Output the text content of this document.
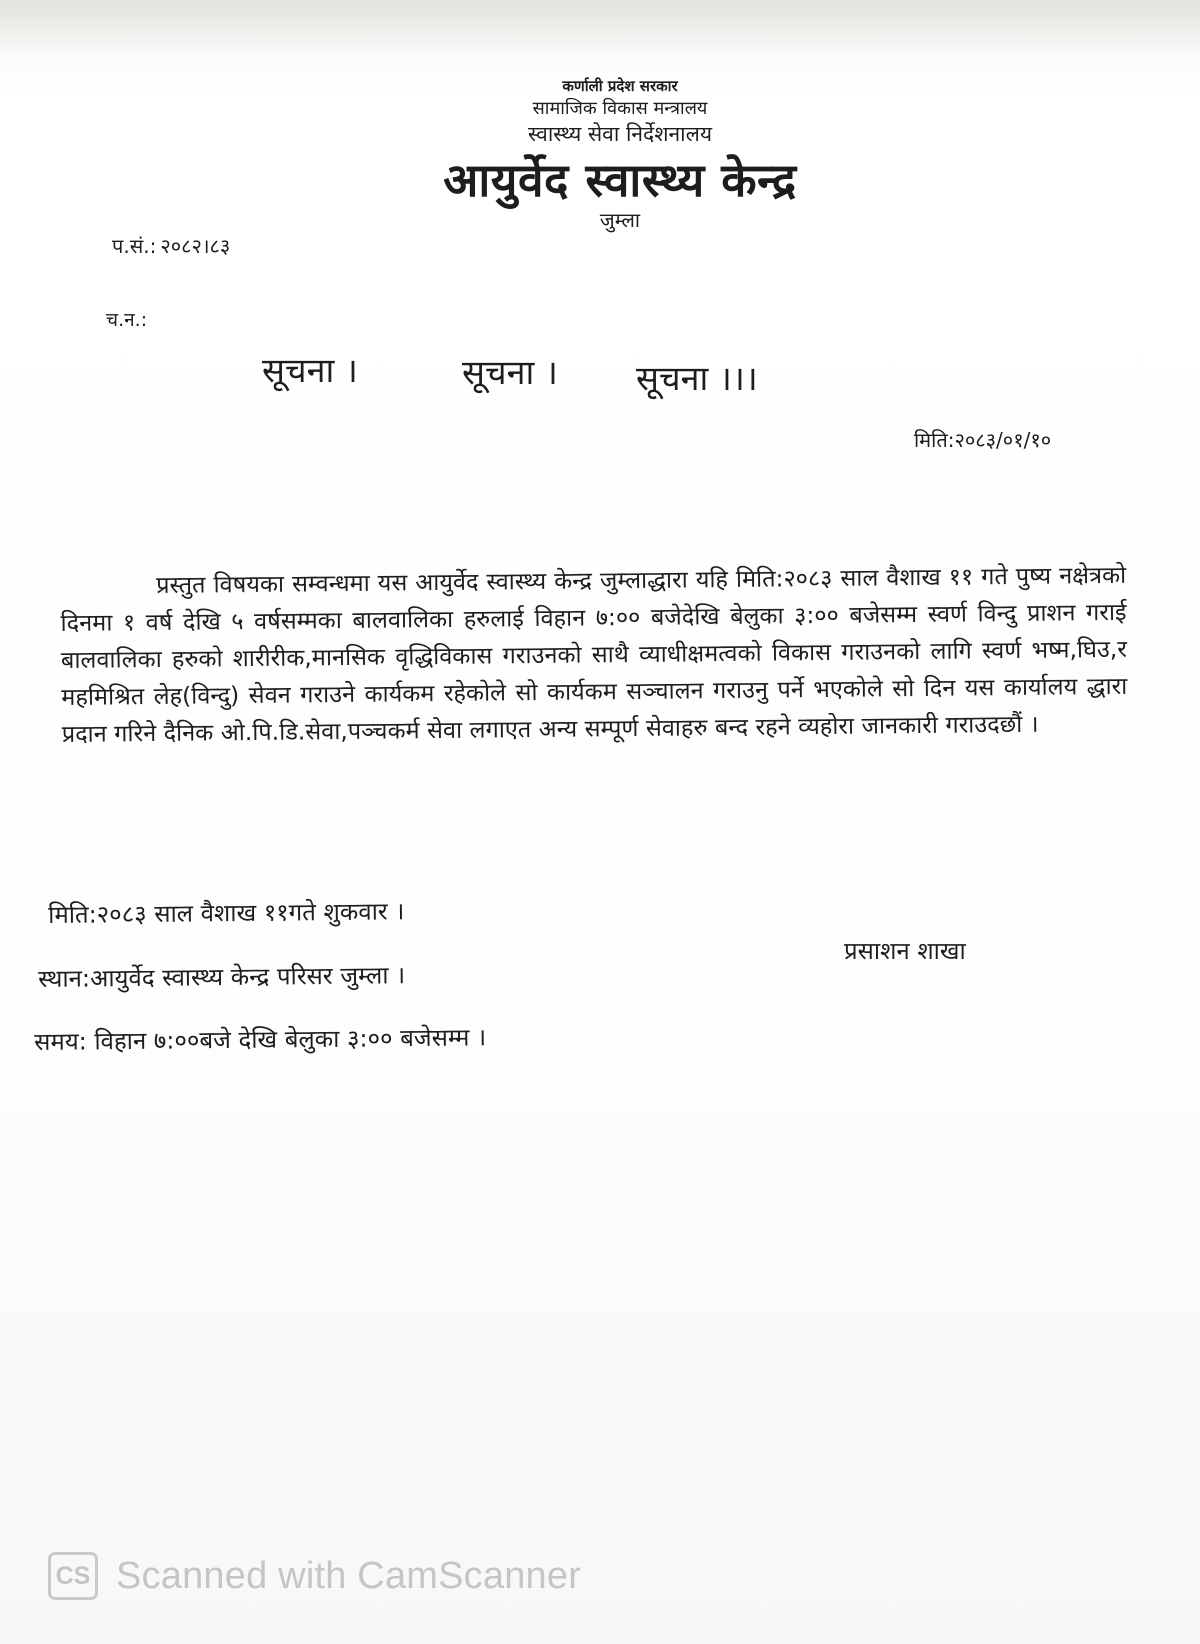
कर्णाली प्रदेश सरकार
सामाजिक विकास मन्त्रालय
स्वास्थ्य सेवा निर्देशनालय
आयुर्वेद स्वास्थ्य केन्द्र
जुम्ला
प.सं.: २०८२।८३
च.न.:
सूचना ।	सूचना । सूचना ।।।
मिति:२०८३/०१/१०
प्रस्तुत विषयका सम्वन्धमा यस आयुर्वेद स्वास्थ्य केन्द्र जुम्लाद्धारा यहि मिति:२०८३ साल वैशाख ११ गते पुष्य नक्षेत्रको दिनमा १ वर्ष देखि ५ वर्षसम्मका बालवालिका हरुलाई विहान ७:०० बजेदेखि बेलुका ३:०० बजेसम्म स्वर्ण विन्दु प्राशन गराई बालवालिका हरुको शारीरीक,मानसिक वृद्धिविकास गराउनको साथै व्याधीक्षमत्वको विकास गराउनको लागि स्वर्ण भष्म,घिउ,र महमिश्रित लेह(विन्दु) सेवन गराउने कार्यकम रहेकोले सो कार्यकम सञ्चालन गराउनु पर्ने भएकोले सो दिन यस कार्यालय द्धारा प्रदान गरिने दैनिक ओ.पि.डि.सेवा,पञ्चकर्म सेवा लगाएत अन्य सम्पूर्ण सेवाहरु बन्द रहने व्यहोरा जानकारी गराउदछौं ।
मिति:२०८३ साल वैशाख ११गते शुकवार ।
स्थान:आयुर्वेद स्वास्थ्य केन्द्र परिसर जुम्ला ।
समय: विहान ७:००बजे देखि बेलुका ३:०० बजेसम्म ।
प्रसाशन शाखा
CS Scanned with CamScanner
